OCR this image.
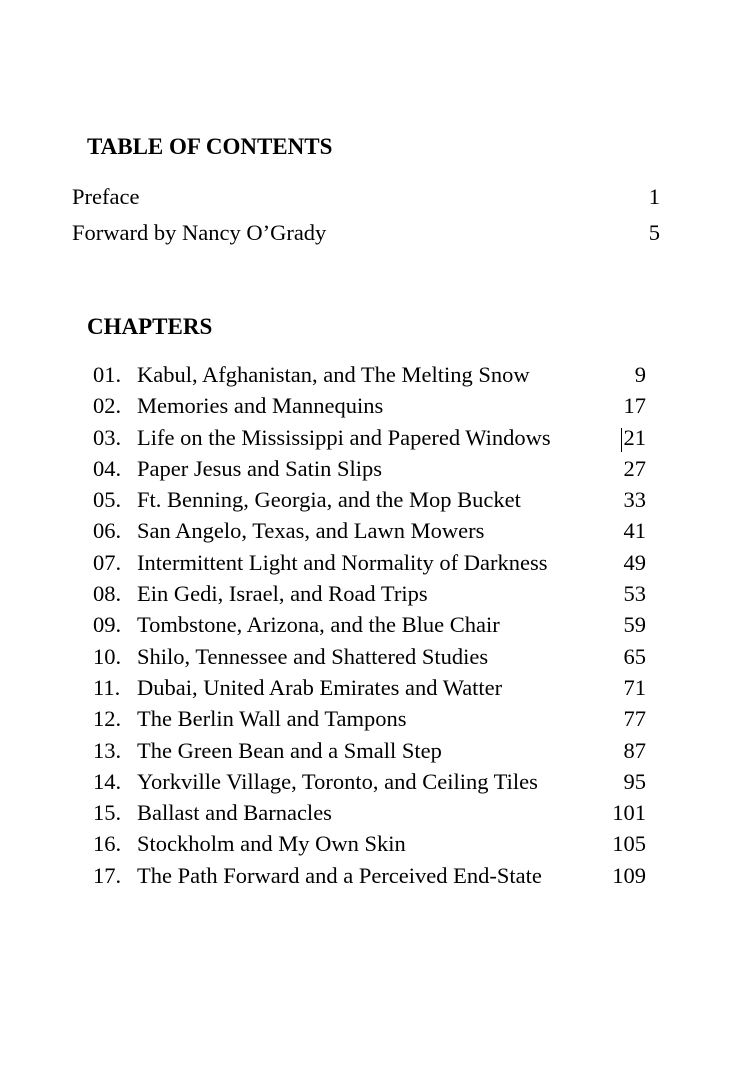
TABLE OF CONTENTS
Preface	1
Forward by Nancy O’Grady	5
CHAPTERS
01. Kabul, Afghanistan, and The Melting Snow	9
02. Memories and Mannequins	17
03. Life on the Mississippi and Papered Windows	21
04. Paper Jesus and Satin Slips	27
05. Ft. Benning, Georgia, and the Mop Bucket	33
06. San Angelo, Texas, and Lawn Mowers	41
07. Intermittent Light and Normality of Darkness	49
08. Ein Gedi, Israel, and Road Trips	53
09. Tombstone, Arizona, and the Blue Chair	59
10. Shilo, Tennessee and Shattered Studies	65
11. Dubai, United Arab Emirates and Watter	71
12. The Berlin Wall and Tampons	77
13. The Green Bean and a Small Step	87
14. Yorkville Village, Toronto, and Ceiling Tiles	95
15. Ballast and Barnacles	101
16. Stockholm and My Own Skin	105
17. The Path Forward and a Perceived End-State	109
